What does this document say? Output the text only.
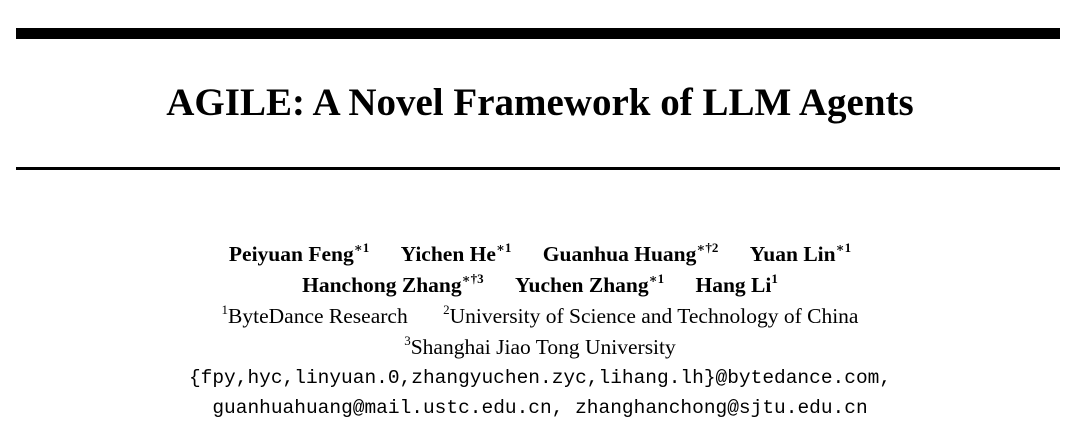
AGILE: A Novel Framework of LLM Agents
Peiyuan Feng$^{∗1}$ Yichen $He^{∗1}$ Guanhua Huang$^{∗\dagger 2}$ Yuan Lin$^{∗1}$
Hanchong Zhang$^{∗\dagger 3}$ Yuchen Zhang$^{∗1}$ Hang Li$^1$
$^1$ByteDance Research	$^2$University of Science and Technology of China
$^3$Shanghai Jiao Tong University
{fpy,hyc,linyuan.0,zhangyuchen.zyc,lihang.lh}@bytedance.com,
guanhuahuang@mail.ustc.edu.cn, zhanghanchong@sjtu.edu.cn
